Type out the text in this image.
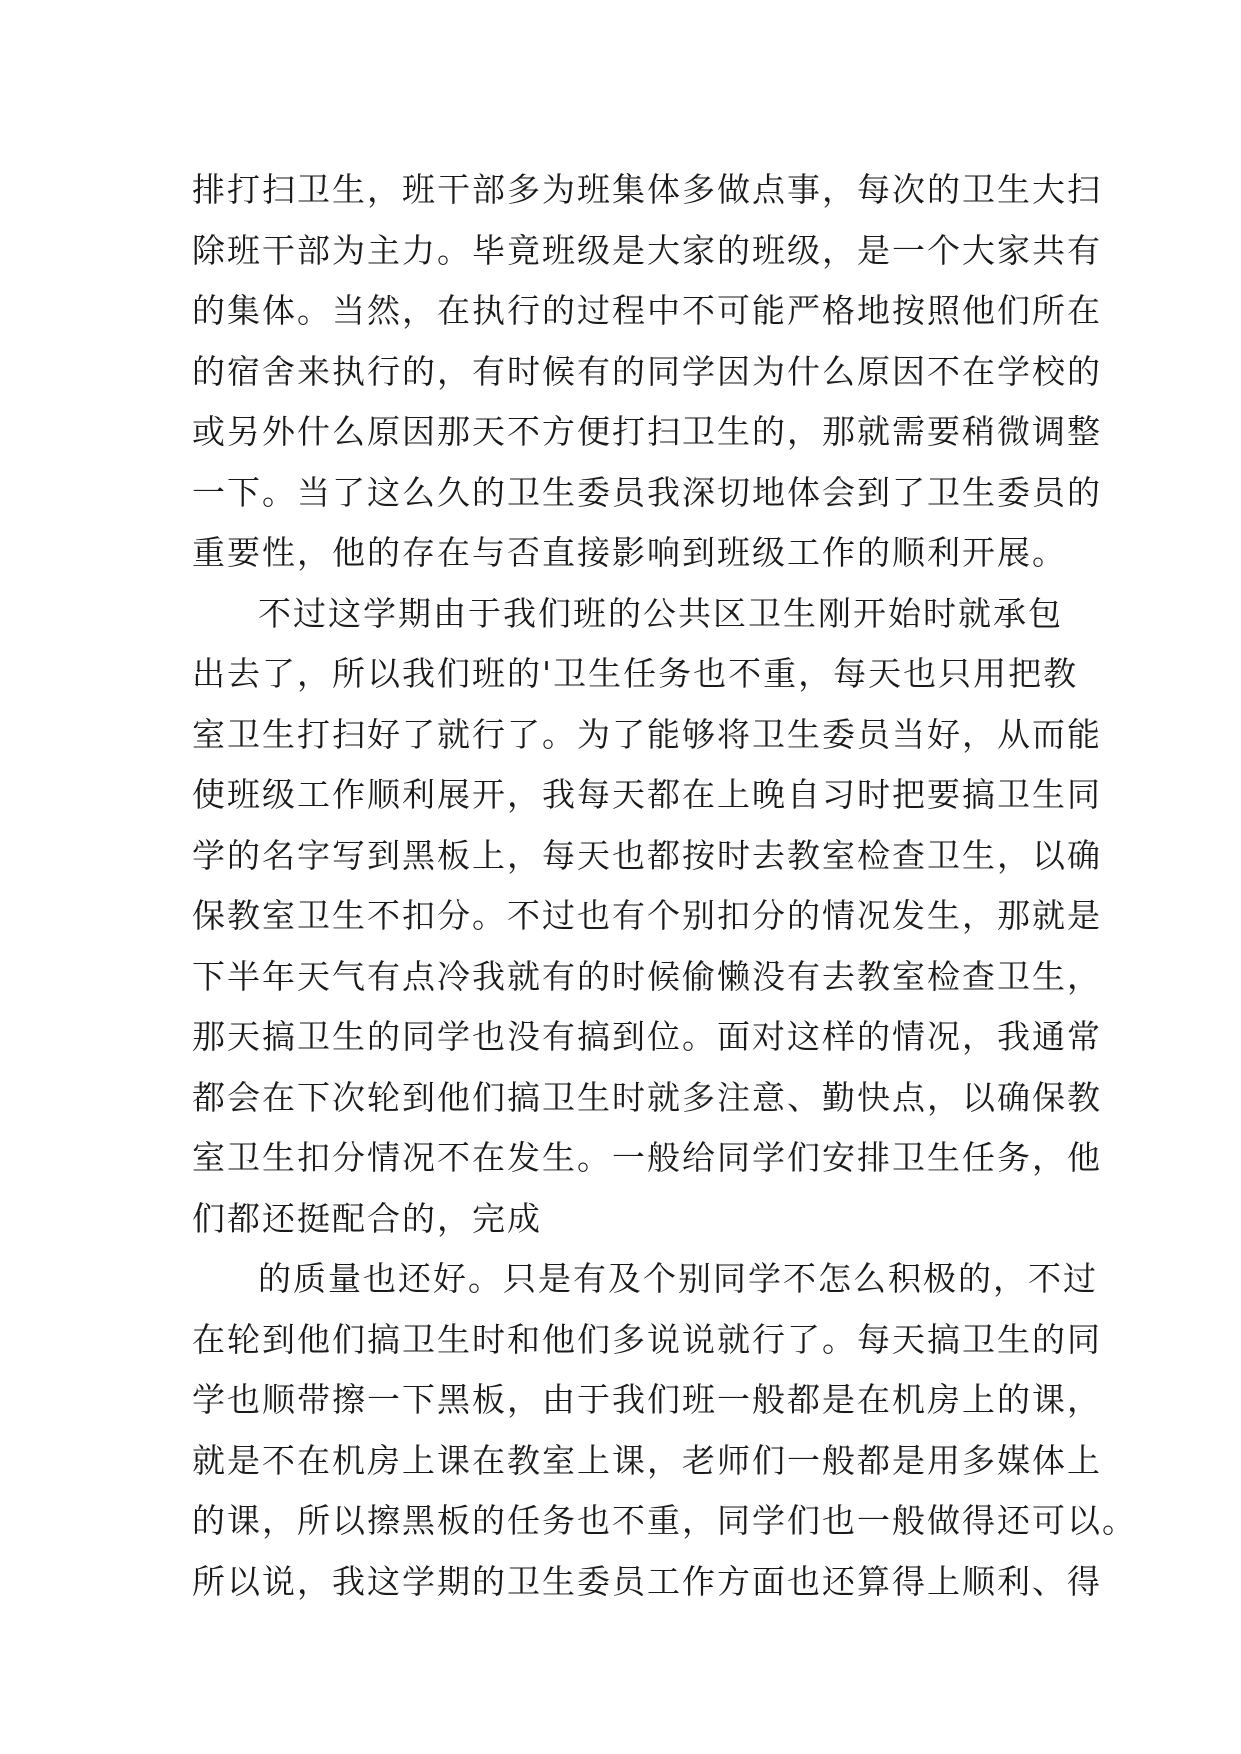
排打扫卫生，班干部多为班集体多做点事，每次的卫生大扫
除班干部为主力。毕竟班级是大家的班级，是一个大家共有
的集体。当然，在执行的过程中不可能严格地按照他们所在
的宿舍来执行的，有时候有的同学因为什么原因不在学校的
或另外什么原因那天不方便打扫卫生的，那就需要稍微调整
一下。当了这么久的卫生委员我深切地体会到了卫生委员的
重要性，他的存在与否直接影响到班级工作的顺利开展。
不过这学期由于我们班的公共区卫生刚开始时就承包
出去了，所以我们班的'卫生任务也不重，每天也只用把教
室卫生打扫好了就行了。为了能够将卫生委员当好，从而能
使班级工作顺利展开，我每天都在上晚自习时把要搞卫生同
学的名字写到黑板上，每天也都按时去教室检查卫生，以确
保教室卫生不扣分。不过也有个别扣分的情况发生，那就是
下半年天气有点冷我就有的时候偷懒没有去教室检查卫生，
那天搞卫生的同学也没有搞到位。面对这样的情况，我通常
都会在下次轮到他们搞卫生时就多注意、勤快点，以确保教
室卫生扣分情况不在发生。一般给同学们安排卫生任务，他
们都还挺配合的，完成
的质量也还好。只是有及个别同学不怎么积极的，不过
在轮到他们搞卫生时和他们多说说就行了。每天搞卫生的同
学也顺带擦一下黑板，由于我们班一般都是在机房上的课，
就是不在机房上课在教室上课，老师们一般都是用多媒体上
的课，所以擦黑板的任务也不重，同学们也一般做得还可以。
所以说，我这学期的卫生委员工作方面也还算得上顺利、得
